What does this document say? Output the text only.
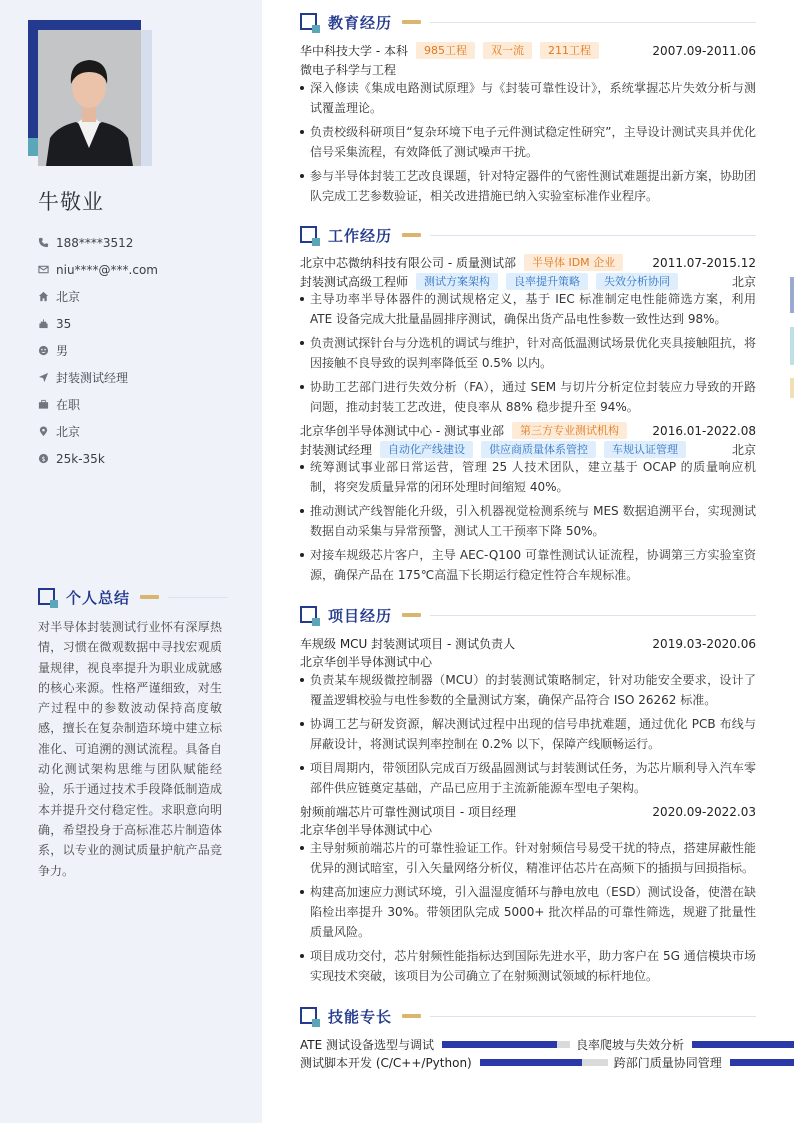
牛敬业
188****3512
niu****@***.com
北京
35
男
封装测试经理
在职
北京
$ 25k-35k
个人总结
对半导体封装测试行业怀有深厚热情，习惯在微观数据中寻找宏观质量规律，视良率提升为职业成就感的核心来源。性格严谨细致，对生产过程中的参数波动保持高度敏感，擅长在复杂制造环境中建立标准化、可追溯的测试流程。具备自动化测试架构思维与团队赋能经验，乐于通过技术手段降低制造成本并提升交付稳定性。求职意向明确，希望投身于高标准芯片制造体系，以专业的测试质量护航产品竞争力。
教育经历
华中科技大学 - 本科	985工程	双一流	211工程	2007.09-2011.06
微电子科学与工程
深入修读《集成电路测试原理》与《封装可靠性设计》，系统掌握芯片失效分析与测试覆盖理论。
负责校级科研项目“复杂环境下电子元件测试稳定性研究”，主导设计测试夹具并优化信号采集流程，有效降低了测试噪声干扰。
参与半导体封装工艺改良课题，针对特定器件的气密性测试难题提出新方案，协助团队完成工艺参数验证，相关改进措施已纳入实验室标准作业程序。
工作经历
北京中芯微纳科技有限公司 - 质量测试部	半导体 IDM 企业	2011.07-2015.12
封装测试高级工程师	测试方案架构	良率提升策略	失效分析协同	北京
主导功率半导体器件的测试规格定义，基于 IEC 标准制定电性能筛选方案，利用 ATE 设备完成大批量晶圆排序测试，确保出货产品电性参数一致性达到 98%。
负责测试探针台与分选机的调试与维护，针对高低温测试场景优化夹具接触阻抗，将因接触不良导致的误判率降低至 0.5% 以内。
协助工艺部门进行失效分析（FA），通过 SEM 与切片分析定位封装应力导致的开路问题，推动封装工艺改进，使良率从 88% 稳步提升至 94%。
北京华创半导体测试中心 - 测试事业部	第三方专业测试机构	2016.01-2022.08
封装测试经理	自动化产线建设	供应商质量体系管控	车规认证管理	北京
统筹测试事业部日常运营，管理 25 人技术团队，建立基于 OCAP 的质量响应机制，将突发质量异常的闭环处理时间缩短 40%。
推动测试产线智能化升级，引入机器视觉检测系统与 MES 数据追溯平台，实现测试数据自动采集与异常预警，测试人工干预率下降 50%。
对接车规级芯片客户，主导 AEC-Q100 可靠性测试认证流程，协调第三方实验室资源，确保产品在 175℃高温下长期运行稳定性符合车规标准。
项目经历
车规级 MCU 封装测试项目 - 测试负责人	2019.03-2020.06
北京华创半导体测试中心
负责某车规级微控制器（MCU）的封装测试策略制定，针对功能安全要求，设计了覆盖逻辑校验与电性参数的全量测试方案，确保产品符合 ISO 26262 标准。
协调工艺与研发资源，解决测试过程中出现的信号串扰难题，通过优化 PCB 布线与屏蔽设计，将测试误判率控制在 0.2% 以下，保障产线顺畅运行。
项目周期内，带领团队完成百万级晶圆测试与封装测试任务，为芯片顺利导入汽车零部件供应链奠定基础，产品已应用于主流新能源车型电子架构。
射频前端芯片可靠性测试项目 - 项目经理	2020.09-2022.03
北京华创半导体测试中心
主导射频前端芯片的可靠性验证工作。针对射频信号易受干扰的特点，搭建屏蔽性能优异的测试暗室，引入矢量网络分析仪，精准评估芯片在高频下的插损与回损指标。
构建高加速应力测试环境，引入温湿度循环与静电放电（ESD）测试设备，使潜在缺陷检出率提升 30%。带领团队完成 5000+ 批次样品的可靠性筛选，规避了批量性质量风险。
项目成功交付，芯片射频性能指标达到国际先进水平，助力客户在 5G 通信模块市场实现技术突破，该项目为公司确立了在射频测试领域的标杆地位。
技能专长
ATE 测试设备选型与调试	良率爬坡与失效分析
测试脚本开发 (C/C++/Python)	跨部门质量协同管理
